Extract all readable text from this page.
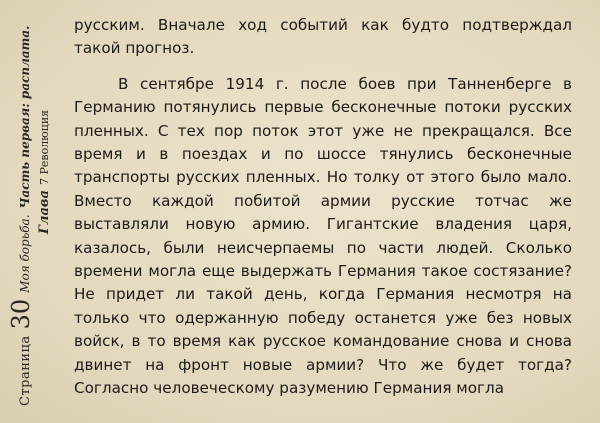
Страница
30
Моя борьба.
Часть первая: расплата.
Глава 7 Революция

русским. Вначале ход событий как будто подтверждал такой прогноз.

В сентябре 1914 г. после боев при Танненберге в Германию потянулись первые бесконечные потоки русских пленных. С тех пор поток этот уже не прекращался. Все время и в поездах и по шоссе тянулись бесконечные транспорты русских пленных. Но толку от этого было мало. Вместо каждой побитой армии русские тотчас же выставляли новую армию. Гигантские владения царя, казалось, были неисчерпаемы по части людей. Сколько времени могла еще выдержать Германия такое состязание? Не придет ли такой день, когда Германия несмотря на только что одержанную победу останется уже без новых войск, в то время как русское командование снова и снова двинет на фронт новые армии? Что же будет тогда? Согласно человеческому разумению Германия могла
